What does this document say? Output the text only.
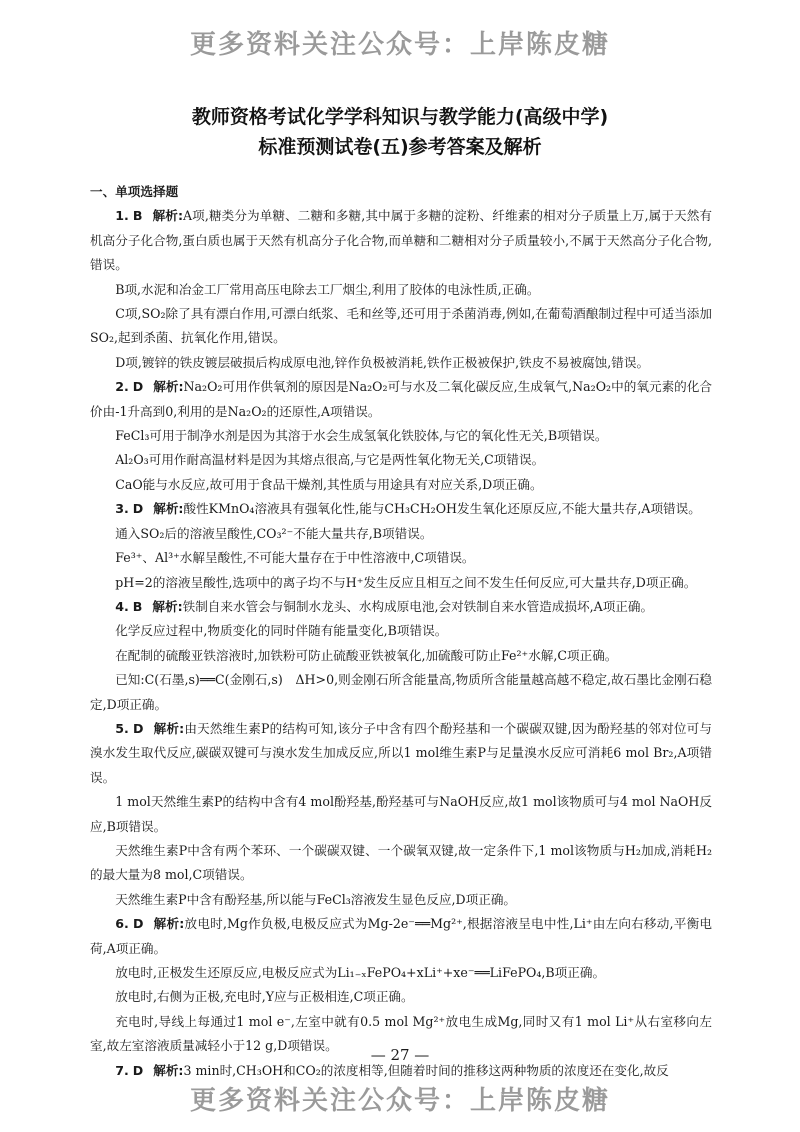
更多资料关注公众号：上岸陈皮糖
教师资格考试化学学科知识与教学能力(高级中学)
标准预测试卷(五)参考答案及解析

一、单项选择题

1. B 解析:A项,糖类分为单糖、二糖和多糖,其中属于多糖的淀粉、纤维素的相对分子质量上万,属于天然有机高分子化合物,蛋白质也属于天然有机高分子化合物,而单糖和二糖相对分子质量较小,不属于天然高分子化合物,错误。

B项,水泥和冶金工厂常用高压电除去工厂烟尘,利用了胶体的电泳性质,正确。

C项,SO₂除了具有漂白作用,可漂白纸浆、毛和丝等,还可用于杀菌消毒,例如,在葡萄酒酿制过程中可适当添加SO₂,起到杀菌、抗氧化作用,错误。

D项,镀锌的铁皮镀层破损后构成原电池,锌作负极被消耗,铁作正极被保护,铁皮不易被腐蚀,错误。

2. D 解析:Na₂O₂可用作供氧剂的原因是Na₂O₂可与水及二氧化碳反应,生成氧气,Na₂O₂中的氧元素的化合价由-1升高到0,利用的是Na₂O₂的还原性,A项错误。

FeCl₃可用于制净水剂是因为其溶于水会生成氢氧化铁胶体,与它的氧化性无关,B项错误。

Al₂O₃可用作耐高温材料是因为其熔点很高,与它是两性氧化物无关,C项错误。

CaO能与水反应,故可用于食品干燥剂,其性质与用途具有对应关系,D项正确。

3. D 解析:酸性KMnO₄溶液具有强氧化性,能与CH₃CH₂OH发生氧化还原反应,不能大量共存,A项错误。

通入SO₂后的溶液呈酸性,CO₃²⁻不能大量共存,B项错误。

Fe³⁺、Al³⁺水解呈酸性,不可能大量存在于中性溶液中,C项错误。

pH=2的溶液呈酸性,选项中的离子均不与H⁺发生反应且相互之间不发生任何反应,可大量共存,D项正确。

4. B 解析:铁制自来水管会与铜制水龙头、水构成原电池,会对铁制自来水管造成损坏,A项正确。

化学反应过程中,物质变化的同时伴随有能量变化,B项错误。

在配制的硫酸亚铁溶液时,加铁粉可防止硫酸亚铁被氧化,加硫酸可防止Fe²⁺水解,C项正确。

已知:C(石墨,s)══C(金刚石,s)　ΔH>0,则金刚石所含能量高,物质所含能量越高越不稳定,故石墨比金刚石稳定,D项正确。

5. D 解析:由天然维生素P的结构可知,该分子中含有四个酚羟基和一个碳碳双键,因为酚羟基的邻对位可与溴水发生取代反应,碳碳双键可与溴水发生加成反应,所以1 mol维生素P与足量溴水反应可消耗6 mol Br₂,A项错误。

1 mol天然维生素P的结构中含有4 mol酚羟基,酚羟基可与NaOH反应,故1 mol该物质可与4 mol NaOH反应,B项错误。

天然维生素P中含有两个苯环、一个碳碳双键、一个碳氧双键,故一定条件下,1 mol该物质与H₂加成,消耗H₂的最大量为8 mol,C项错误。

天然维生素P中含有酚羟基,所以能与FeCl₃溶液发生显色反应,D项正确。

6. D 解析:放电时,Mg作负极,电极反应式为Mg-2e⁻══Mg²⁺,根据溶液呈电中性,Li⁺由左向右移动,平衡电荷,A项正确。

放电时,正极发生还原反应,电极反应式为Li₁₋ₓFePO₄+xLi⁺+xe⁻══LiFePO₄,B项正确。

放电时,右侧为正极,充电时,Y应与正极相连,C项正确。

充电时,导线上每通过1 mol e⁻,左室中就有0.5 mol Mg²⁺放电生成Mg,同时又有1 mol Li⁺从右室移向左室,故左室溶液质量减轻小于12 g,D项错误。

7. D 解析:3 min时,CH₃OH和CO₂的浓度相等,但随着时间的推移这两种物质的浓度还在变化,故反

— 27 —
更多资料关注公众号：上岸陈皮糖
